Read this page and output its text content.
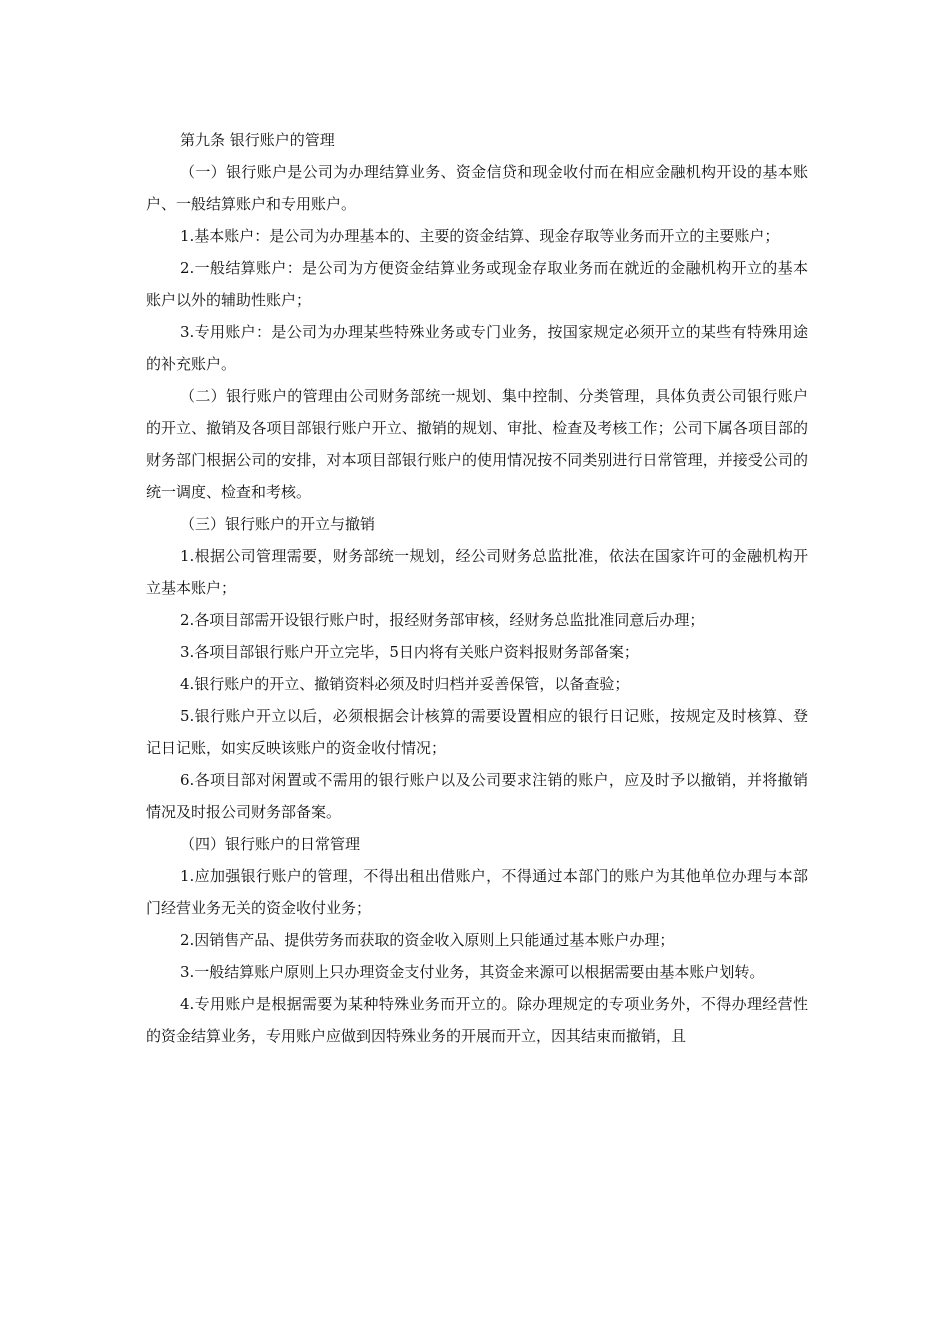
第九条 银行账户的管理

（一）银行账户是公司为办理结算业务、资金信贷和现金收付而在相应金融机构开设的基本账户、一般结算账户和专用账户。

1.基本账户：是公司为办理基本的、主要的资金结算、现金存取等业务而开立的主要账户；

2.一般结算账户：是公司为方便资金结算业务或现金存取业务而在就近的金融机构开立的基本账户以外的辅助性账户；

3.专用账户：是公司为办理某些特殊业务或专门业务，按国家规定必须开立的某些有特殊用途的补充账户。

（二）银行账户的管理由公司财务部统一规划、集中控制、分类管理，具体负责公司银行账户的开立、撤销及各项目部银行账户开立、撤销的规划、审批、检查及考核工作；公司下属各项目部的财务部门根据公司的安排，对本项目部银行账户的使用情况按不同类别进行日常管理，并接受公司的统一调度、检查和考核。

（三）银行账户的开立与撤销

1.根据公司管理需要，财务部统一规划，经公司财务总监批准，依法在国家许可的金融机构开立基本账户；

2.各项目部需开设银行账户时，报经财务部审核，经财务总监批准同意后办理；

3.各项目部银行账户开立完毕，5日内将有关账户资料报财务部备案；

4.银行账户的开立、撤销资料必须及时归档并妥善保管，以备查验；

5.银行账户开立以后，必须根据会计核算的需要设置相应的银行日记账，按规定及时核算、登记日记账，如实反映该账户的资金收付情况；

6.各项目部对闲置或不需用的银行账户以及公司要求注销的账户，应及时予以撤销，并将撤销情况及时报公司财务部备案。

（四）银行账户的日常管理

1.应加强银行账户的管理，不得出租出借账户，不得通过本部门的账户为其他单位办理与本部门经营业务无关的资金收付业务；

2.因销售产品、提供劳务而获取的资金收入原则上只能通过基本账户办理；

3.一般结算账户原则上只办理资金支付业务，其资金来源可以根据需要由基本账户划转。

4.专用账户是根据需要为某种特殊业务而开立的。除办理规定的专项业务外，不得办理经营性的资金结算业务，专用账户应做到因特殊业务的开展而开立，因其结束而撤销，且
